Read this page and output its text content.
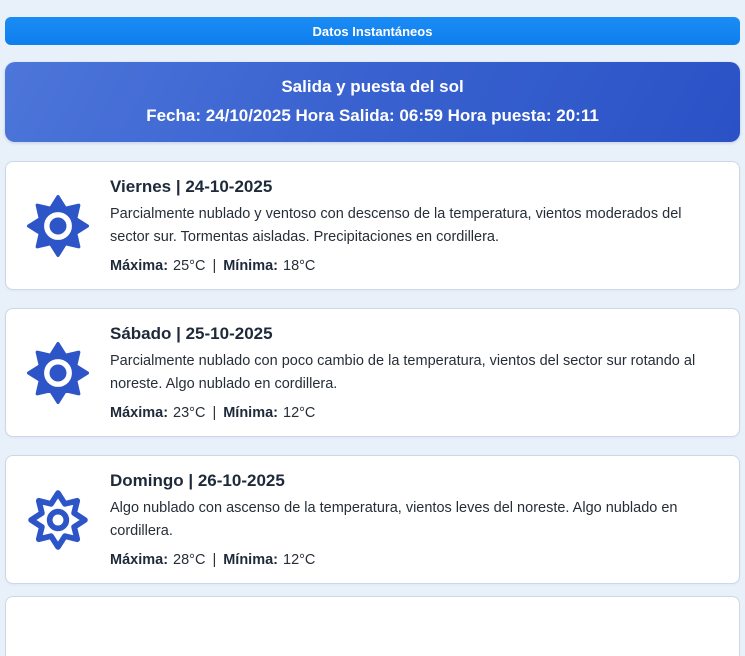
Datos Instantáneos
Salida y puesta del sol
Fecha: 24/10/2025 Hora Salida: 06:59 Hora puesta: 20:11
Viernes | 24-10-2025
Parcialmente nublado y ventoso con descenso de la temperatura, vientos moderados del sector sur. Tormentas aisladas. Precipitaciones en cordillera.
Máxima: 25°C | Mínima: 18°C
Sábado | 25-10-2025
Parcialmente nublado con poco cambio de la temperatura, vientos del sector sur rotando al noreste. Algo nublado en cordillera.
Máxima: 23°C | Mínima: 12°C
Domingo | 26-10-2025
Algo nublado con ascenso de la temperatura, vientos leves del noreste. Algo nublado en cordillera.
Máxima: 28°C | Mínima: 12°C
